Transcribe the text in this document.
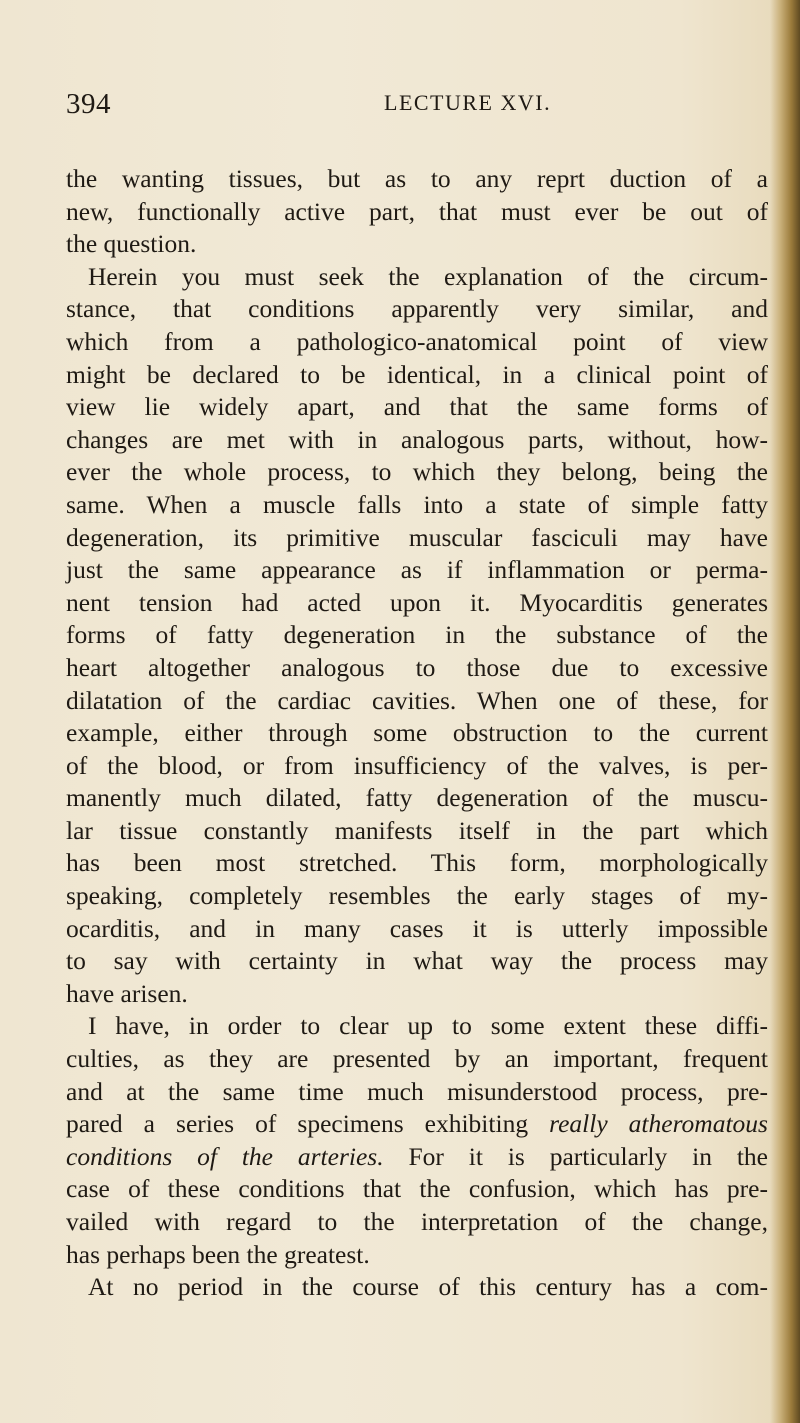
394	LECTURE XVI.
the wanting tissues, but as to any reprt duction of a
new, functionally active part, that must ever be out of
the question.
Herein you must seek the explanation of the circum-
stance, that conditions apparently very similar, and
which from a pathologico-anatomical point of view
might be declared to be identical, in a clinical point of
view lie widely apart, and that the same forms of
changes are met with in analogous parts, without, how-
ever the whole process, to which they belong, being the
same. When a muscle falls into a state of simple fatty
degeneration, its primitive muscular fasciculi may have
just the same appearance as if inflammation or perma-
nent tension had acted upon it. Myocarditis generates
forms of fatty degeneration in the substance of the
heart altogether analogous to those due to excessive
dilatation of the cardiac cavities. When one of these, for
example, either through some obstruction to the current
of the blood, or from insufficiency of the valves, is per-
manently much dilated, fatty degeneration of the muscu-
lar tissue constantly manifests itself in the part which
has been most stretched. This form, morphologically
speaking, completely resembles the early stages of my-
ocarditis, and in many cases it is utterly impossible
to say with certainty in what way the process may
have arisen.
I have, in order to clear up to some extent these diffi-
culties, as they are presented by an important, frequent
and at the same time much misunderstood process, pre-
pared a series of specimens exhibiting really atheromatous
conditions of the arteries. For it is particularly in the
case of these conditions that the confusion, which has pre-
vailed with regard to the interpretation of the change,
has perhaps been the greatest.
At no period in the course of this century has a com-
